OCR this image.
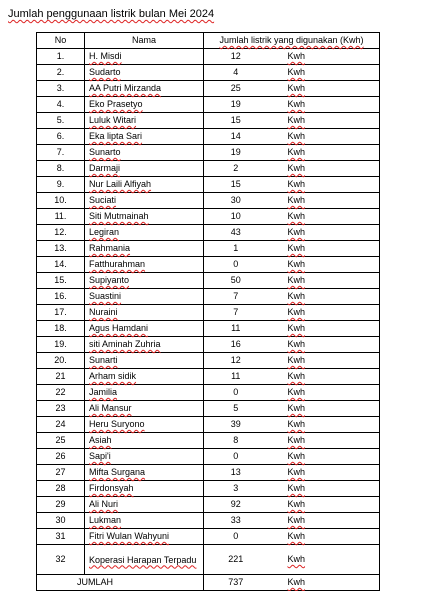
Jumlah penggunaan listrik bulan Mei 2024
No	Nama	Jumlah listrik yang digunakan (Kwh)	
1.	H. Misdi	12	Kwh
2.	Sudarto	4	Kwh
3.	AA Putri Mirzanda	25	Kwh
4.	Eko Prasetyo	19	Kwh
5.	Luluk Witari	15	Kwh
6.	Eka lipta Sari	14	Kwh
7.	Sunarto	19	Kwh
8.	Darmaji	2	Kwh
9.	Nur Laili Alfiyah	15	Kwh
10.	Suciati	30	Kwh
11.	Siti Mutmainah	10	Kwh
12.	Legiran	43	Kwh
13.	Rahmania	1	Kwh
14.	Fatthurahman	0	Kwh
15.	Supiyanto	50	Kwh
16.	Suastini	7	Kwh
17.	Nuraini	7	Kwh
18.	Agus Hamdani	11	Kwh
19.	siti Aminah Zuhria	16	Kwh
20.	Sunarti	12	Kwh
21	Arham sidik	11	Kwh
22	Jamilia	0	Kwh
23	Ali Mansur	5	Kwh
24	Heru Suryono	39	Kwh
25	Asiah	8	Kwh
26	Sapi'i	0	Kwh
27	Mifta Surgana	13	Kwh
28	Firdonsyah	3	Kwh
29	Ali Nuri	92	Kwh
30	Lukman	33	Kwh
31	Fitri Wulan Wahyuni	0	Kwh
32	Koperasi Harapan Terpadu	221	Kwh
JUMLAH		737	Kwh
